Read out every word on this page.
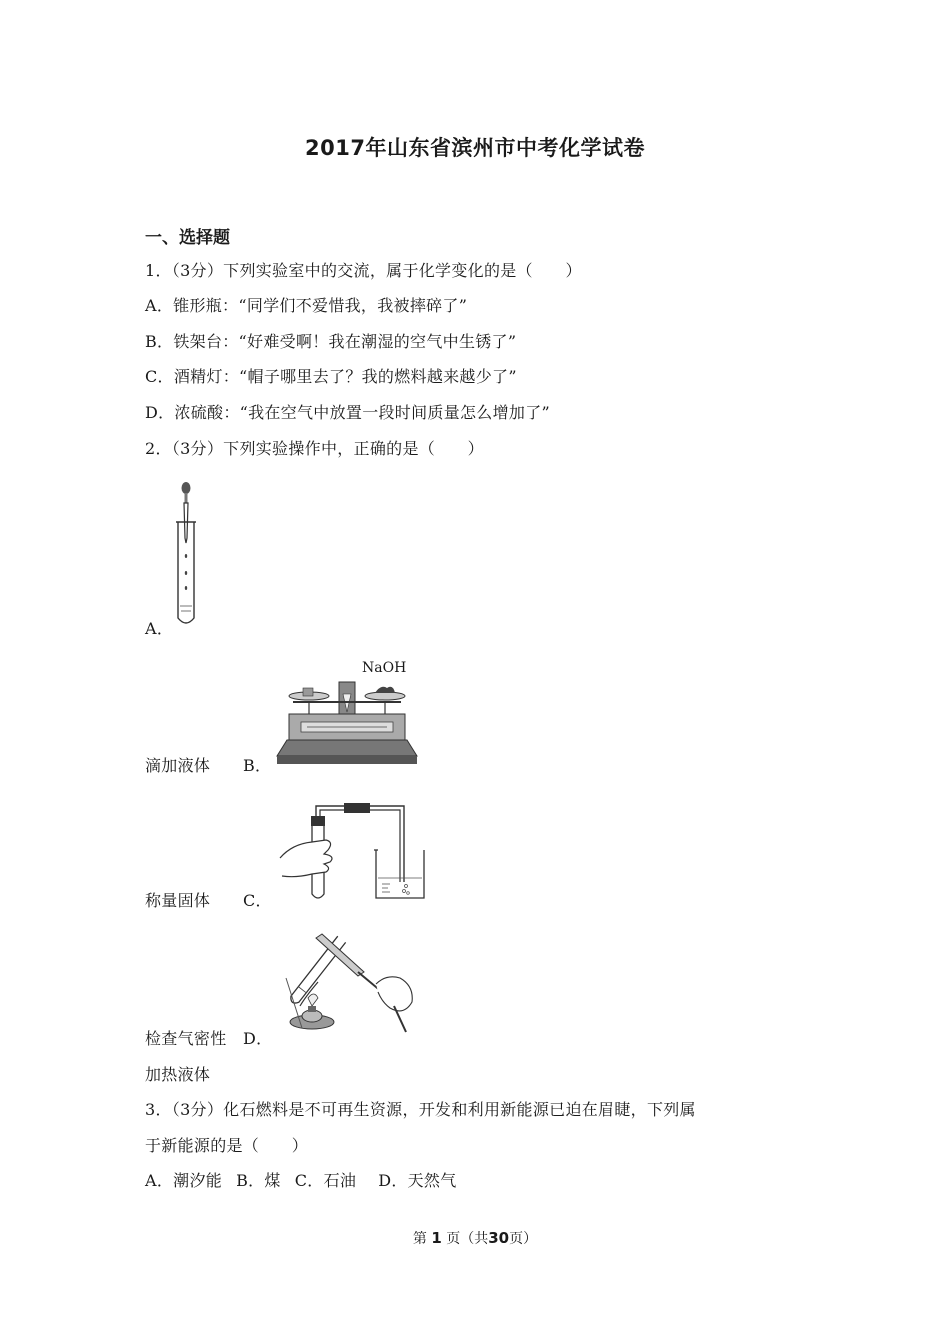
2017年山东省滨州市中考化学试卷
一、选择题
1．（3分）下列实验室中的交流，属于化学变化的是（　　）
A．锥形瓶：“同学们不爱惜我，我被摔碎了”
B．铁架台：“好难受啊！我在潮湿的空气中生锈了”
C．酒精灯：“帽子哪里去了？我的燃料越来越少了”
D．浓硫酸：“我在空气中放置一段时间质量怎么增加了”
2．（3分）下列实验操作中，正确的是（　　）
A．
滴加液体 B．
NaOH
称量固体 C．
检查气密性 D．
加热液体
3．（3分）化石燃料是不可再生资源，开发和利用新能源已迫在眉睫，下列属
于新能源的是（　　）
A．潮汐能 B．煤 C．石油 D．天然气
第 1 页（共30页）
